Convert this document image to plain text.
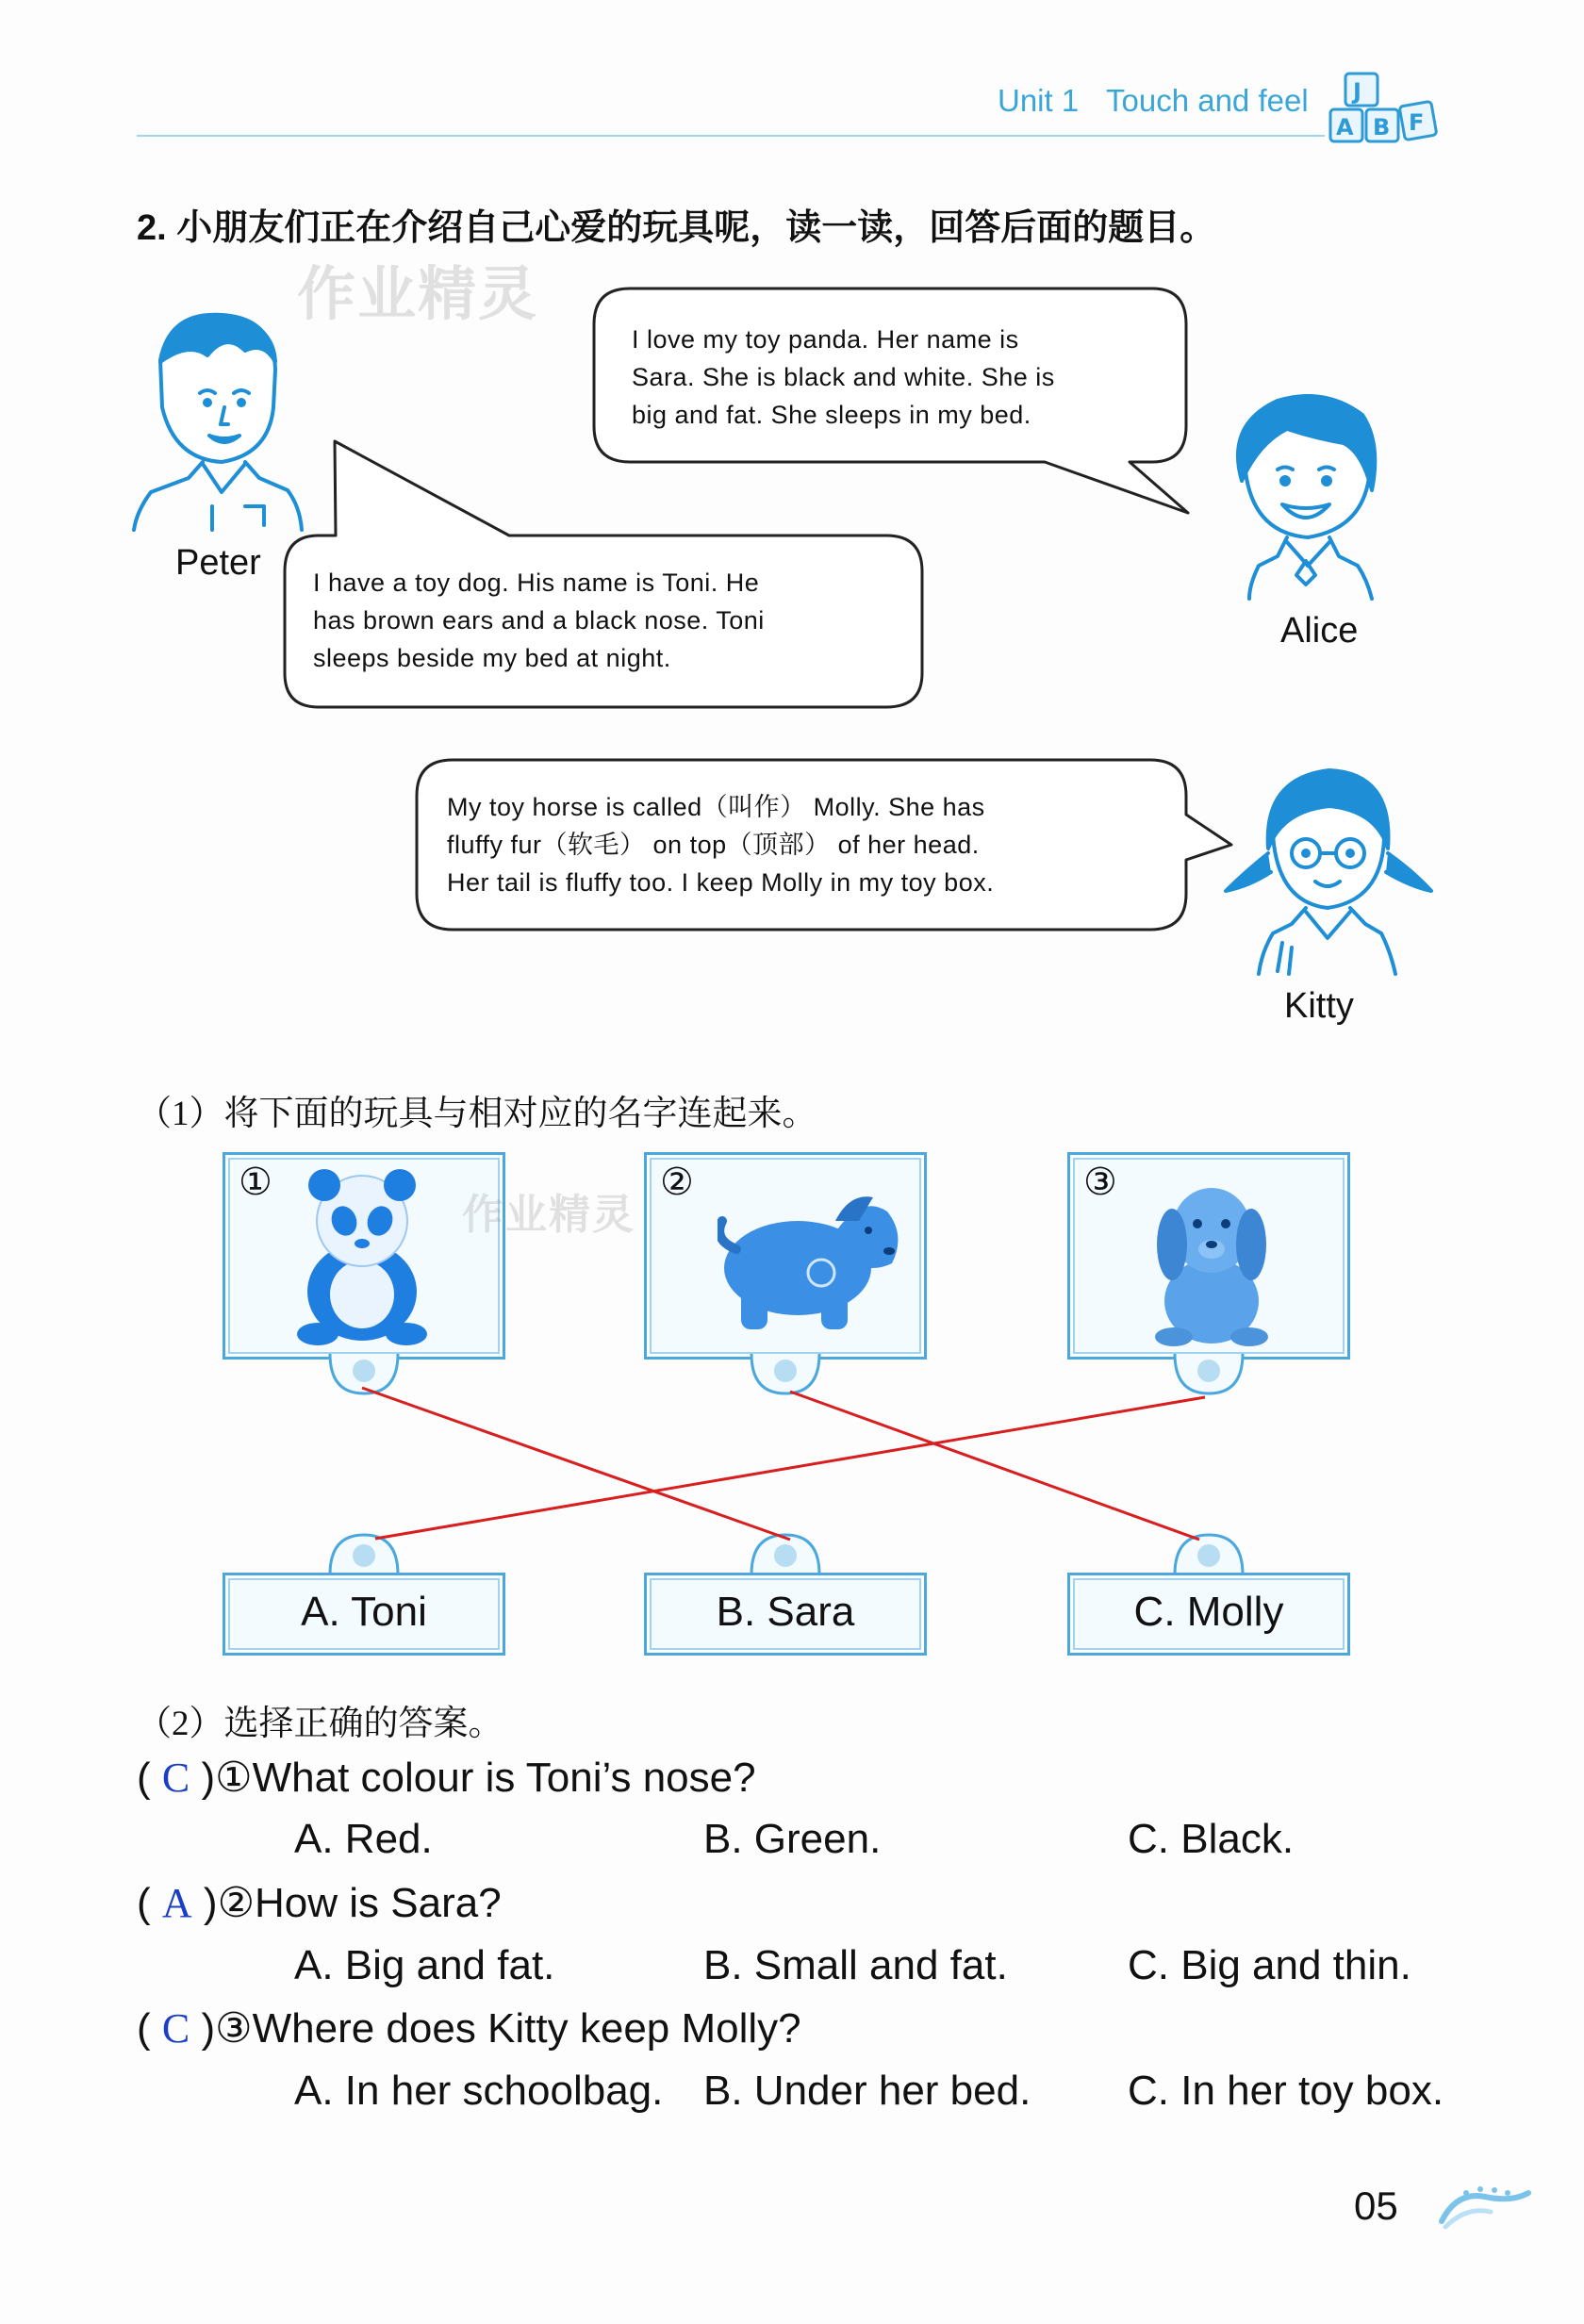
Unit 1 Touch and feel J
A B F
2. 小朋友们正在介绍自己心爱的玩具呢，读一读，回答后面的题目。
作业精灵
Peter I have a toy dog. His name is Toni. He
has brown ears and a black nose. Toni
sleeps beside my bed at night.
I love my toy panda. Her name is
Sara. She is black and white. She is
big and fat. She sleeps in my bed.
Alice
My toy horse is called（叫作） Molly. She has
fluffy fur（软毛） on top（顶部） of her head.
Her tail is fluffy too. I keep Molly in my toy box.
Kitty
（1）将下面的玩具与相对应的名字连起来。
①	②	③
作业精灵
A. Toni	B. Sara	C. Molly
（2）选择正确的答案。
( C )①What colour is Toni’s nose?
A. Red.	B. Green.	C. Black.
( A )②How is Sara?
A. Big and fat.	B. Small and fat.	C. Big and thin.
( C )③Where does Kitty keep Molly?
A. In her schoolbag. B. Under her bed. C. In her toy box.
05
